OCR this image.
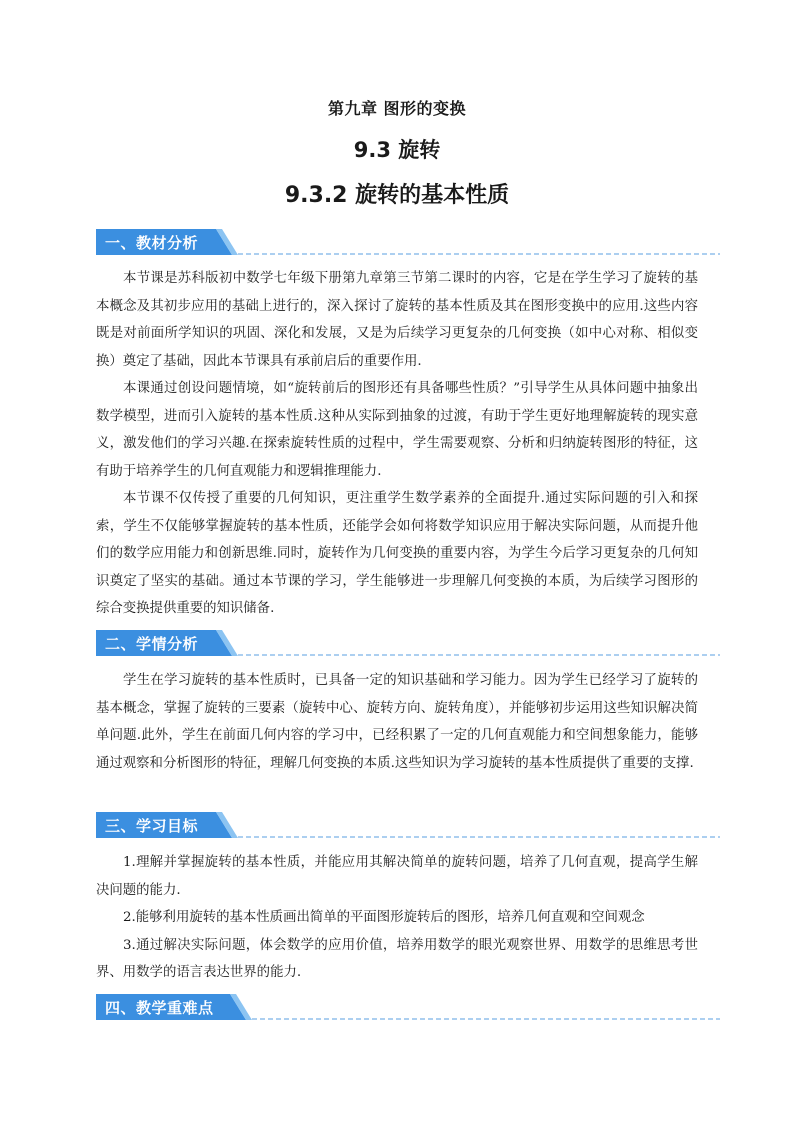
第九章 图形的变换
9.3 旋转
9.3.2 旋转的基本性质
一、教材分析

本节课是苏科版初中数学七年级下册第九章第三节第二课时的内容，它是在学生学习了旋转的基本概念及其初步应用的基础上进行的，深入探讨了旋转的基本性质及其在图形变换中的应用.这些内容既是对前面所学知识的巩固、深化和发展，又是为后续学习更复杂的几何变换（如中心对称、相似变换）奠定了基础，因此本节课具有承前启后的重要作用.

本课通过创设问题情境，如“旋转前后的图形还有具备哪些性质？”引导学生从具体问题中抽象出数学模型，进而引入旋转的基本性质.这种从实际到抽象的过渡，有助于学生更好地理解旋转的现实意义，激发他们的学习兴趣.在探索旋转性质的过程中，学生需要观察、分析和归纳旋转图形的特征，这有助于培养学生的几何直观能力和逻辑推理能力.

本节课不仅传授了重要的几何知识，更注重学生数学素养的全面提升.通过实际问题的引入和探索，学生不仅能够掌握旋转的基本性质，还能学会如何将数学知识应用于解决实际问题，从而提升他们的数学应用能力和创新思维.同时，旋转作为几何变换的重要内容，为学生今后学习更复杂的几何知识奠定了坚实的基础。通过本节课的学习，学生能够进一步理解几何变换的本质，为后续学习图形的综合变换提供重要的知识储备.

二、学情分析

学生在学习旋转的基本性质时，已具备一定的知识基础和学习能力。因为学生已经学习了旋转的基本概念，掌握了旋转的三要素（旋转中心、旋转方向、旋转角度），并能够初步运用这些知识解决简单问题.此外，学生在前面几何内容的学习中，已经积累了一定的几何直观能力和空间想象能力，能够通过观察和分析图形的特征，理解几何变换的本质.这些知识为学习旋转的基本性质提供了重要的支撑.

三、学习目标

1.理解并掌握旋转的基本性质，并能应用其解决简单的旋转问题，培养了几何直观，提高学生解决问题的能力.

2.能够利用旋转的基本性质画出简单的平面图形旋转后的图形，培养几何直观和空间观念

3.通过解决实际问题，体会数学的应用价值，培养用数学的眼光观察世界、用数学的思维思考世界、用数学的语言表达世界的能力.

四、教学重难点
